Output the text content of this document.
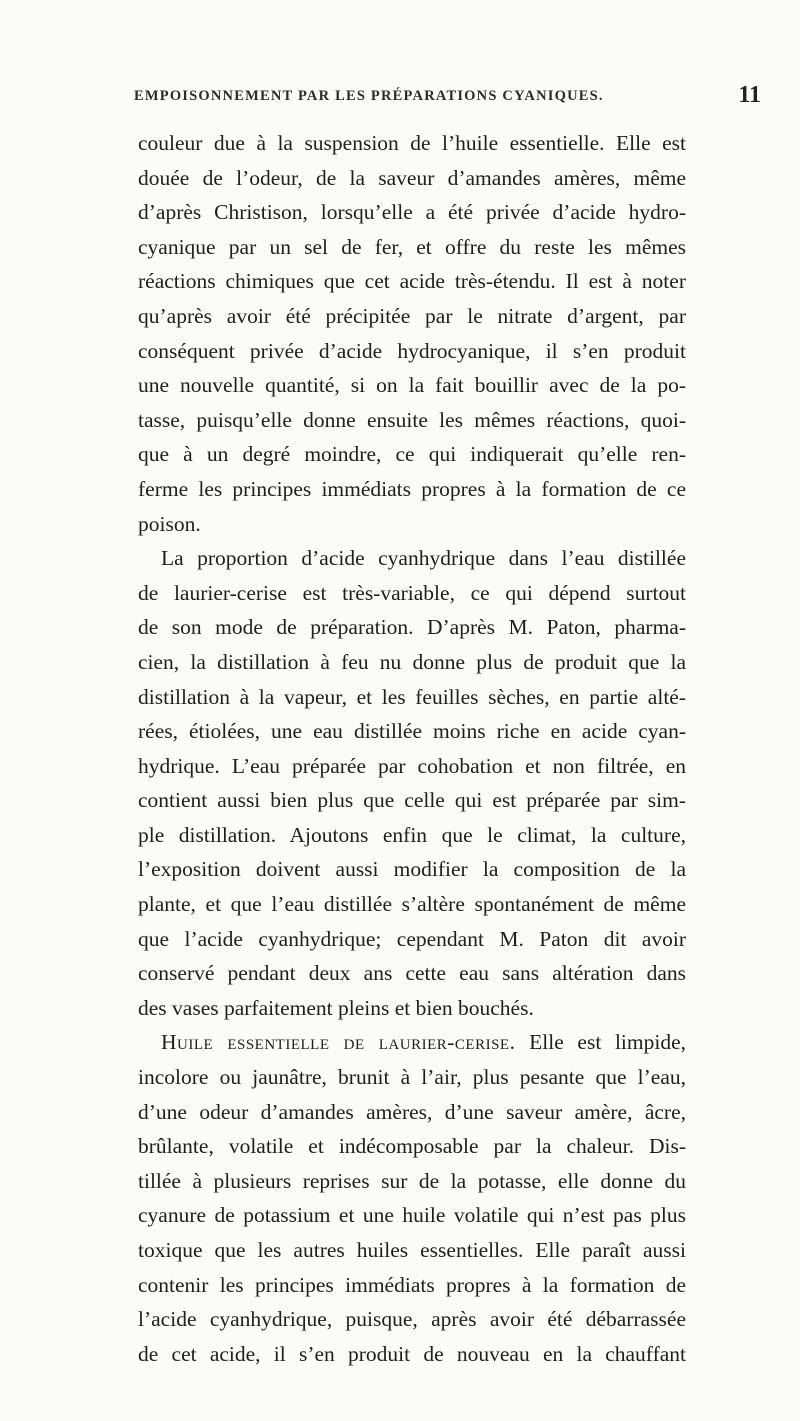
EMPOISONNEMENT PAR LES PRÉPARATIONS CYANIQUES.	11
couleur due à la suspension de l’huile essentielle. Elle est
douée de l’odeur, de la saveur d’amandes amères, même
d’après Christison, lorsqu’elle a été privée d’acide hydro-
cyanique par un sel de fer, et offre du reste les mêmes
réactions chimiques que cet acide très-étendu. Il est à noter
qu’après avoir été précipitée par le nitrate d’argent, par
conséquent privée d’acide hydrocyanique, il s’en produit
une nouvelle quantité, si on la fait bouillir avec de la po-
tasse, puisqu’elle donne ensuite les mêmes réactions, quoi-
que à un degré moindre, ce qui indiquerait qu’elle ren-
ferme les principes immédiats propres à la formation de ce
poison.
La proportion d’acide cyanhydrique dans l’eau distillée
de laurier-cerise est très-variable, ce qui dépend surtout
de son mode de préparation. D’après M. Paton, pharma-
cien, la distillation à feu nu donne plus de produit que la
distillation à la vapeur, et les feuilles sèches, en partie alté-
rées, étiolées, une eau distillée moins riche en acide cyan-
hydrique. L’eau préparée par cohobation et non filtrée, en
contient aussi bien plus que celle qui est préparée par sim-
ple distillation. Ajoutons enfin que le climat, la culture,
l’exposition doivent aussi modifier la composition de la
plante, et que l’eau distillée s’altère spontanément de même
que l’acide cyanhydrique; cependant M. Paton dit avoir
conservé pendant deux ans cette eau sans altération dans
des vases parfaitement pleins et bien bouchés.
Huile essentielle de laurier-cerise. Elle est limpide,
incolore ou jaunâtre, brunit à l’air, plus pesante que l’eau,
d’une odeur d’amandes amères, d’une saveur amère, âcre,
brûlante, volatile et indécomposable par la chaleur. Dis-
tillée à plusieurs reprises sur de la potasse, elle donne du
cyanure de potassium et une huile volatile qui n’est pas plus
toxique que les autres huiles essentielles. Elle paraît aussi
contenir les principes immédiats propres à la formation de
l’acide cyanhydrique, puisque, après avoir été débarrassée
de cet acide, il s’en produit de nouveau en la chauffant
